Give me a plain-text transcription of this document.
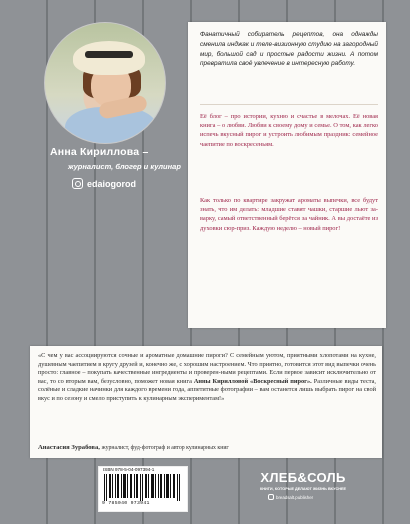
Анна Кириллова –
журналист, блогер и кулинар
edaiogorod
Фанатичный собиратель рецептов, она однажды сменила инджак и теле-визионную студию на загородный мир, большой сад и простые радости жизни. А потом превратила своё увлечение в интересную работу.
Её блог – про истории, кухню и счастье в мелочах. Её новая книга – о любви. Любви к своему дому и семье. О том, как легко испечь вкусный пирог и устроить любимым праздник: семейное чаепитие по воскресеньям.
Как только по квартире закружат ароматы выпечки, все будут знать, что им делать: младшие ставят чашки, старшие льют за-варку, самый ответственный берётся за чайник. А вы достаёте из духовки сюр-приз. Каждую неделю – новый пирог!
«С чем у вас ассоциируются сочные и ароматные домашние пироги? С семейным уютом, приятными хлопотами на кухне, душевным чаепитием в кругу друзей и, конечно же, с хорошим настроением. Что приятно, готовится этот вид выпечки очень просто: главное – покупать качественные ингредиенты и проверен-ными рецептами. Если первое зависит исключительно от вас, то со вторым вам, безусловно, поможет новая книга Анны Кирилловой «Воскресный пирог». Различные виды теста, солёные и сладкие начинки для каждого времени года, аппетитные фотографии – вам останется лишь выбрать пирог на свой вкус и по сезону и смело приступить к кулинарным экспериментам!»
Анастасия Зурабова, журналист, фуд-фотограф и автор кулинарных книг
ISBN 978-5-04-097394-1
9 785040 973941
ХЛЕБ&СОЛЬ
КНИГИ, КОТОРЫЕ ДЕЛАЮТ ЖИЗНЬ ВКУСНЕЕ
breadsalt.publisher
